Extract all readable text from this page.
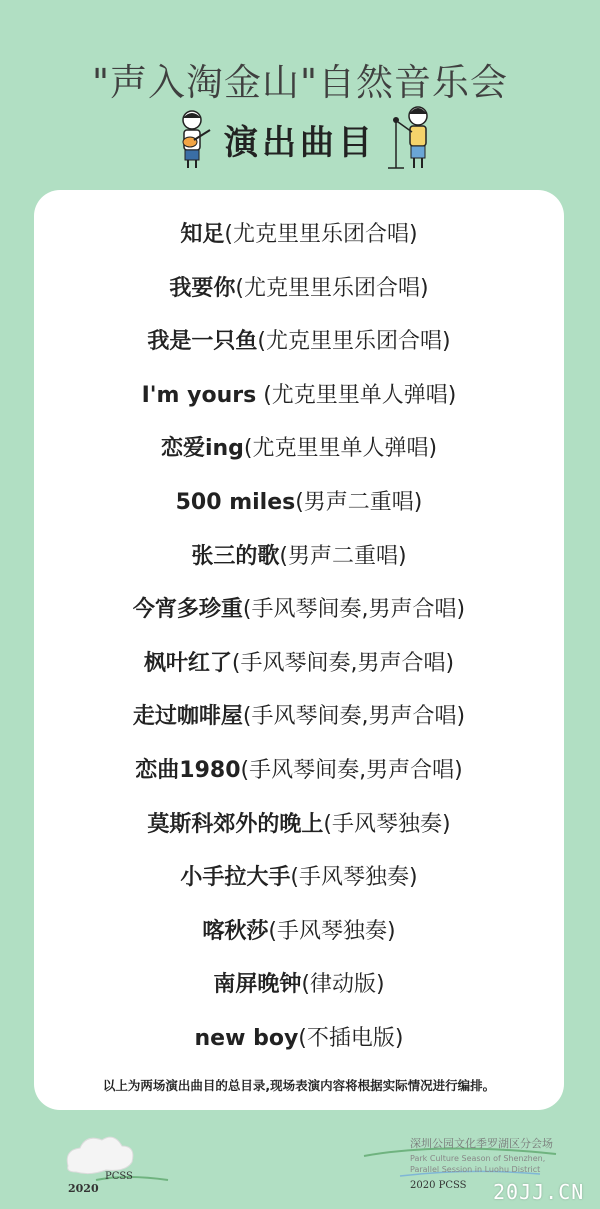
"声入淘金山"自然音乐会
演出曲目
知足(尤克里里乐团合唱)
我要你(尤克里里乐团合唱)
我是一只鱼(尤克里里乐团合唱)
I'm yours (尤克里里单人弹唱)
恋爱ing(尤克里里单人弹唱)
500 miles(男声二重唱)
张三的歌(男声二重唱)
今宵多珍重(手风琴间奏,男声合唱)
枫叶红了(手风琴间奏,男声合唱)
走过咖啡屋(手风琴间奏,男声合唱)
恋曲1980(手风琴间奏,男声合唱)
莫斯科郊外的晚上(手风琴独奏)
小手拉大手(手风琴独奏)
喀秋莎(手风琴独奏)
南屏晚钟(律动版)
new boy(不插电版)
以上为两场演出曲目的总目录,现场表演内容将根据实际情况进行编排。
PCSS
2020
深圳公园文化季罗湖区分会场
Park Culture Season of Shenzhen,
Parallel Session in Luohu District
2020 PCSS 20JJ.CN
